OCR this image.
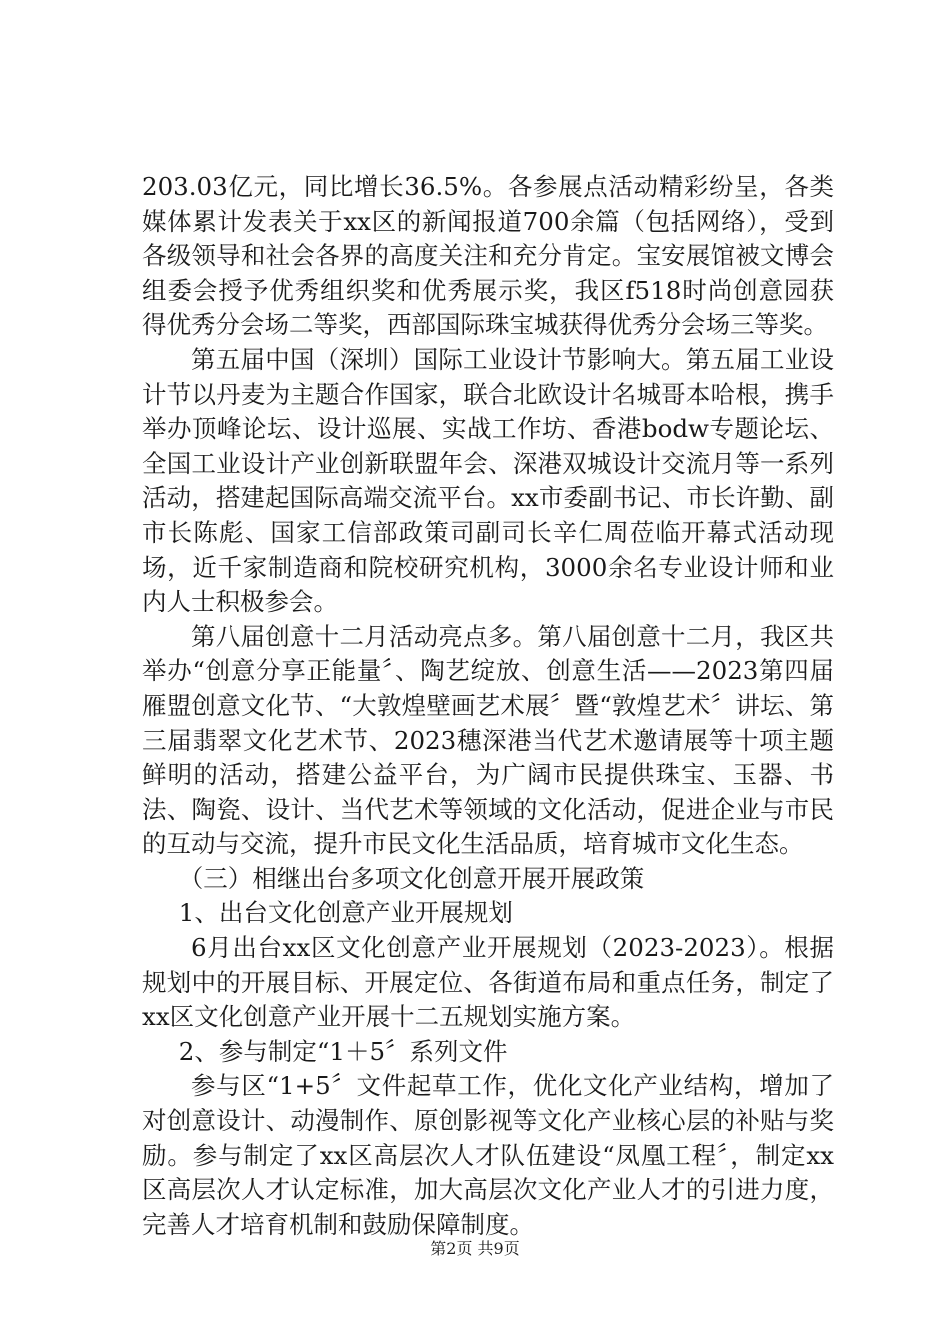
203.03亿元，同比增长36.5%。各参展点活动精彩纷呈，各类媒体累计发表关于xx区的新闻报道700余篇（包括网络），受到各级领导和社会各界的高度关注和充分肯定。宝安展馆被文博会组委会授予优秀组织奖和优秀展示奖，我区f518时尚创意园获得优秀分会场二等奖，西部国际珠宝城获得优秀分会场三等奖。

第五届中国（深圳）国际工业设计节影响大。第五届工业设计节以丹麦为主题合作国家，联合北欧设计名城哥本哈根，携手举办顶峰论坛、设计巡展、实战工作坊、香港bodw专题论坛、全国工业设计产业创新联盟年会、深港双城设计交流月等一系列活动，搭建起国际高端交流平台。xx市委副书记、市长许勤、副市长陈彪、国家工信部政策司副司长辛仁周莅临开幕式活动现场，近千家制造商和院校研究机构，3000余名专业设计师和业内人士积极参会。

第八届创意十二月活动亮点多。第八届创意十二月，我区共举办“创意分享正能量〞、陶艺绽放、创意生活——2023第四届雁盟创意文化节、“大敦煌壁画艺术展〞暨“敦煌艺术〞讲坛、第三届翡翠文化艺术节、2023穗深港当代艺术邀请展等十项主题鲜明的活动，搭建公益平台，为广阔市民提供珠宝、玉器、书法、陶瓷、设计、当代艺术等领域的文化活动，促进企业与市民的互动与交流，提升市民文化生活品质，培育城市文化生态。

（三）相继出台多项文化创意开展开展政策

1、出台文化创意产业开展规划

6月出台xx区文化创意产业开展规划（2023-2023）。根据规划中的开展目标、开展定位、各街道布局和重点任务，制定了xx区文化创意产业开展十二五规划实施方案。

2、参与制定“1＋5〞系列文件

参与区“1+5〞文件起草工作，优化文化产业结构，增加了对创意设计、动漫制作、原创影视等文化产业核心层的补贴与奖励。参与制定了xx区高层次人才队伍建设“凤凰工程〞，制定xx区高层次人才认定标准，加大高层次文化产业人才的引进力度，完善人才培育机制和鼓励保障制度。

第2页 共9页
